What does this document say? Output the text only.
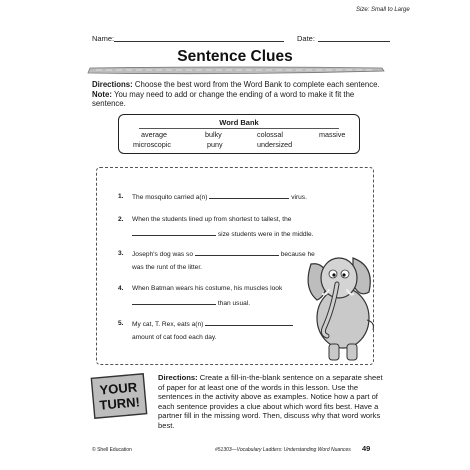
Size: Small to Large
Name:	Date:
Sentence Clues
Directions: Choose the best word from the Word Bank to complete each sentence. Note: You may need to add or change the ending of a word to make it fit the sentence.
Word Bank
average	bulky	colossal	massive
microscopic	puny	undersized
1. The mosquito carried a(n)	virus.
2. When the students lined up from shortest to tallest, the
size students were in the middle.
3. Joseph's dog was so	because he
was the runt of the litter.
4. When Batman wears his costume, his muscles look
than usual.
5. My cat, T. Rex, eats a(n)
amount of cat food each day.
YOUR
TURN!
Directions: Create a fill-in-the-blank sentence on a separate sheet of paper for at least one of the words in this lesson. Use the sentences in the activity above as examples. Notice how a part of each sentence provides a clue about which word fits best. Have a partner fill in the missing word. Then, discuss why that word works best.
© Shell Education	#51303—Vocabulary Ladders: Understanding Word Nuances 49
